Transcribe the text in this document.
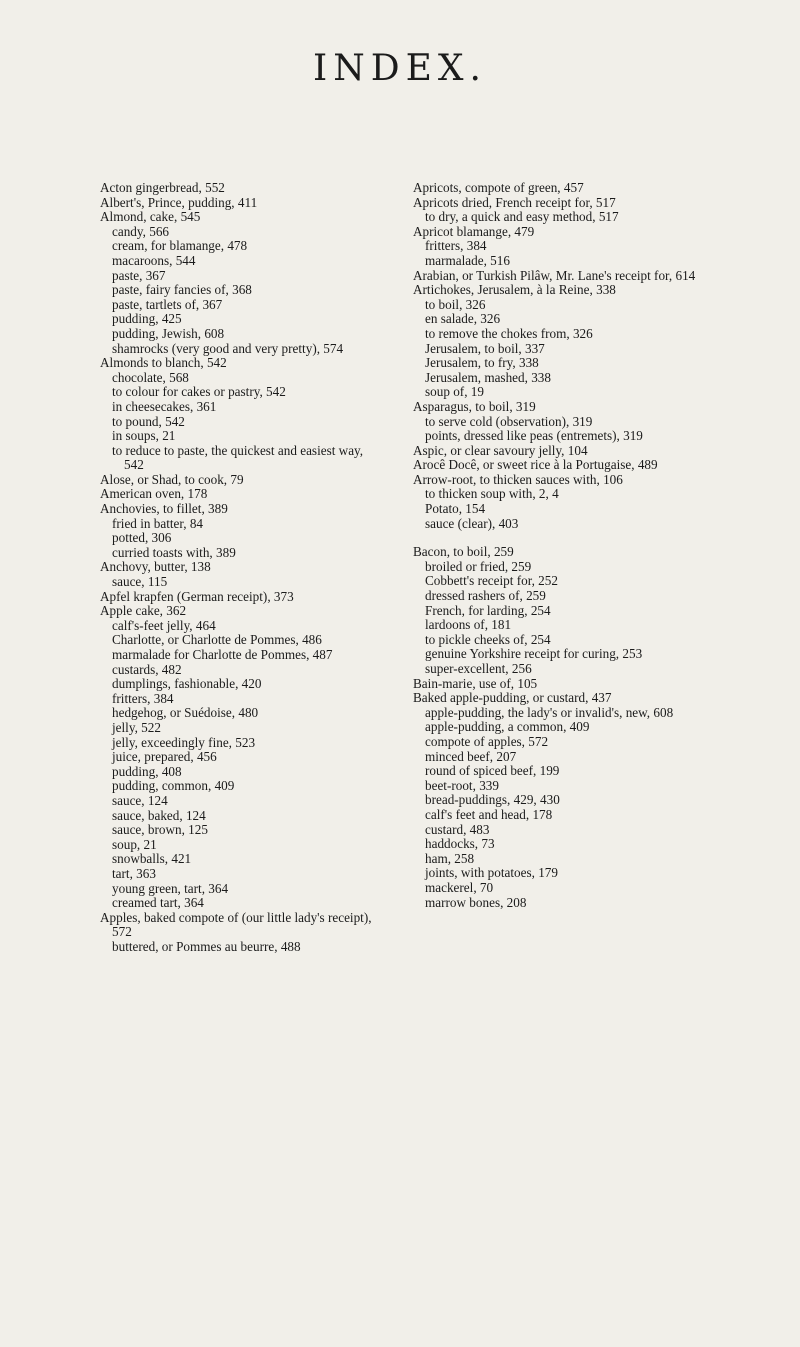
INDEX.
Acton gingerbread, 552
Albert's, Prince, pudding, 411
Almond, cake, 545
candy, 566
cream, for blamange, 478
macaroons, 544
paste, 367
paste, fairy fancies of, 368
paste, tartlets of, 367
pudding, 425
pudding, Jewish, 608
shamrocks (very good and very pretty), 574
Almonds to blanch, 542
chocolate, 568
to colour for cakes or pastry, 542
in cheesecakes, 361
to pound, 542
in soups, 21
to reduce to paste, the quickest and easiest way, 542
Alose, or Shad, to cook, 79
American oven, 178
Anchovies, to fillet, 389
fried in batter, 84
potted, 306
curried toasts with, 389
Anchovy, butter, 138
sauce, 115
Apfel krapfen (German receipt), 373
Apple cake, 362
calf's-feet jelly, 464
Charlotte, or Charlotte de Pommes, 486
marmalade for Charlotte de Pommes, 487
custards, 482
dumplings, fashionable, 420
fritters, 384
hedgehog, or Suédoise, 480
jelly, 522
jelly, exceedingly fine, 523
juice, prepared, 456
pudding, 408
pudding, common, 409
sauce, 124
sauce, baked, 124
sauce, brown, 125
soup, 21
snowballs, 421
tart, 363
young green, tart, 364
creamed tart, 364
Apples, baked compote of (our little lady's receipt), 572
buttered, or Pommes au beurre, 488
Apricots, compote of green, 457
Apricots dried, French receipt for, 517
to dry, a quick and easy method, 517
Apricot blamange, 479
fritters, 384
marmalade, 516
Arabian, or Turkish Pilâw, Mr. Lane's receipt for, 614
Artichokes, Jerusalem, à la Reine, 338
to boil, 326
en salade, 326
to remove the chokes from, 326
Jerusalem, to boil, 337
Jerusalem, to fry, 338
Jerusalem, mashed, 338
soup of, 19
Asparagus, to boil, 319
to serve cold (observation), 319
points, dressed like peas (entremets), 319
Aspic, or clear savoury jelly, 104
Arocê Docê, or sweet rice à la Portugaise, 489
Arrow-root, to thicken sauces with, 106
to thicken soup with, 2, 4
Potato, 154
sauce (clear), 403
Bacon, to boil, 259
broiled or fried, 259
Cobbett's receipt for, 252
dressed rashers of, 259
French, for larding, 254
lardoons of, 181
to pickle cheeks of, 254
genuine Yorkshire receipt for curing, 253
super-excellent, 256
Bain-marie, use of, 105
Baked apple-pudding, or custard, 437
apple-pudding, the lady's or invalid's, new, 608
apple-pudding, a common, 409
compote of apples, 572
minced beef, 207
round of spiced beef, 199
beet-root, 339
bread-puddings, 429, 430
calf's feet and head, 178
custard, 483
haddocks, 73
ham, 258
joints, with potatoes, 179
mackerel, 70
marrow bones, 208
